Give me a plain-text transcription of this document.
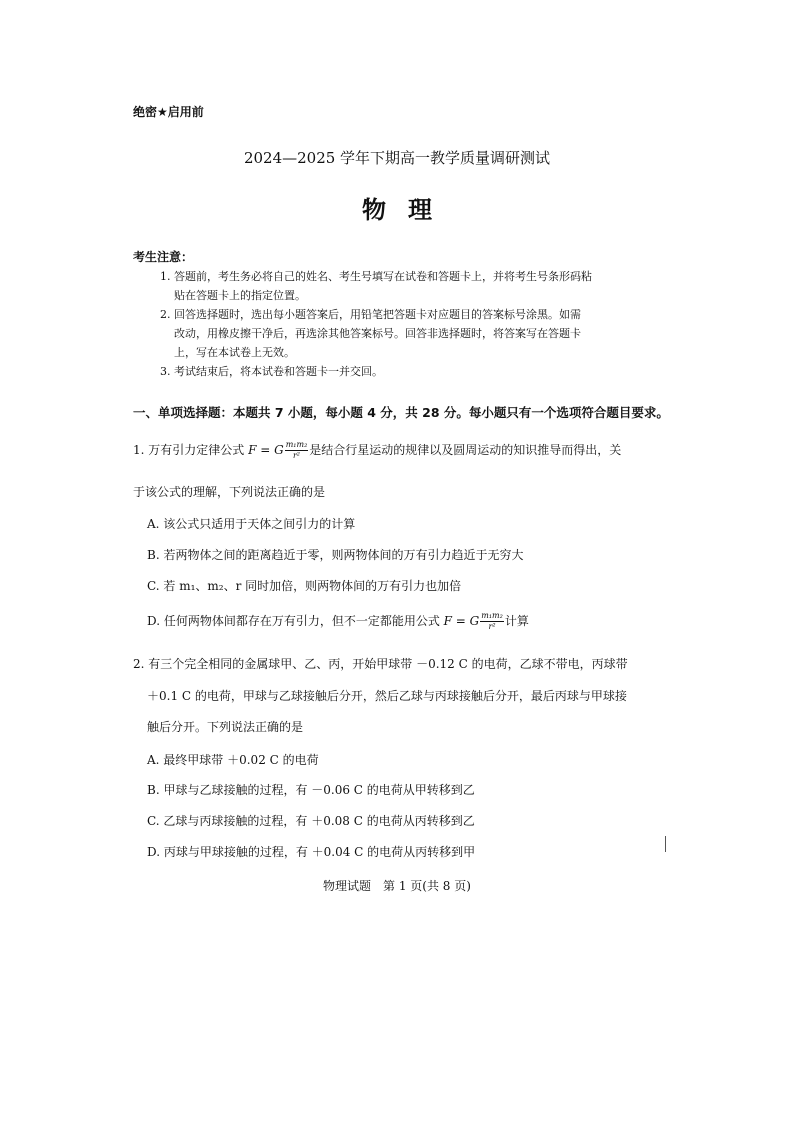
绝密★启用前
2024—2025 学年下期高一教学质量调研测试
物理
考生注意：
1. 答题前，考生务必将自己的姓名、考生号填写在试卷和答题卡上，并将考生号条形码粘
贴在答题卡上的指定位置。
2. 回答选择题时，选出每小题答案后，用铅笔把答题卡对应题目的答案标号涂黑。如需
改动，用橡皮擦干净后，再选涂其他答案标号。回答非选择题时，将答案写在答题卡
上，写在本试卷上无效。
3. 考试结束后，将本试卷和答题卡一并交回。
一、单项选择题：本题共 7 小题，每小题 4 分，共 28 分。每小题只有一个选项符合题目要求。
1. 万有引力定律公式 F = G $\frac{\text{m₁m₂}}{\text{r²}}$ 是结合行星运动的规律以及圆周运动的知识推导而得出，关
于该公式的理解，下列说法正确的是
A. 该公式只适用于天体之间引力的计算
B. 若两物体之间的距离趋近于零，则两物体间的万有引力趋近于无穷大
C. 若 m₁、m₂、r 同时加倍，则两物体间的万有引力也加倍
D. 任何两物体间都存在万有引力，但不一定都能用公式 F = G $\frac{\text{m₁m₂}}{\text{r²}}$ 计算
2. 有三个完全相同的金属球甲、乙、丙，开始甲球带 －0.12 C 的电荷，乙球不带电，丙球带
＋0.1 C 的电荷，甲球与乙球接触后分开，然后乙球与丙球接触后分开，最后丙球与甲球接
触后分开。下列说法正确的是
A. 最终甲球带 ＋0.02 C 的电荷
B. 甲球与乙球接触的过程，有 －0.06 C 的电荷从甲转移到乙
C. 乙球与丙球接触的过程，有 ＋0.08 C 的电荷从丙转移到乙
D. 丙球与甲球接触的过程，有 ＋0.04 C 的电荷从丙转移到甲
物理试题　第 1 页(共 8 页)
